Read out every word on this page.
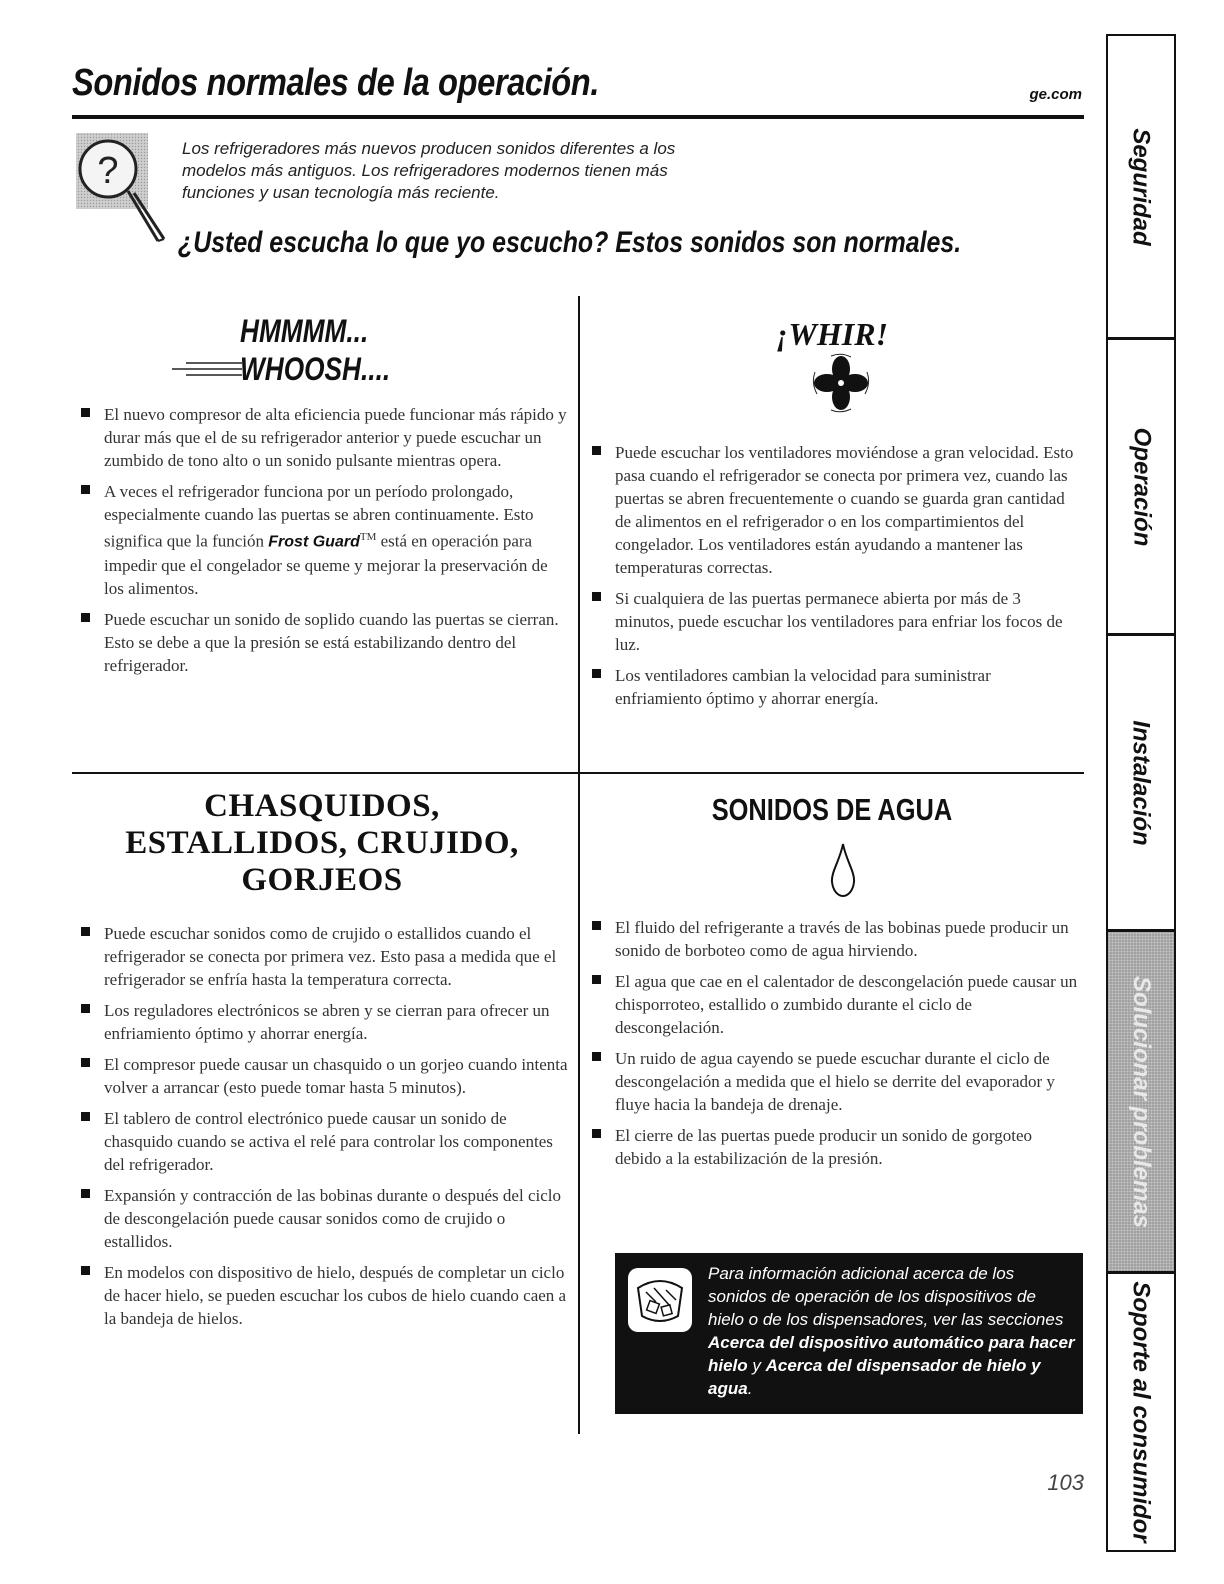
Sonidos normales de la operación.	ge.com
?

Los refrigeradores más nuevos producen sonidos diferentes a los modelos más antiguos. Los refrigeradores modernos tienen más funciones y usan tecnología más reciente.

¿Usted escucha lo que yo escucho? Estos sonidos son normales.
HMMMM...
WHOOSH....
El nuevo compresor de alta eficiencia puede funcionar más rápido y durar más que el de su refrigerador anterior y puede escuchar un zumbido de tono alto o un sonido pulsante mientras opera.
A veces el refrigerador funciona por un período prolongado, especialmente cuando las puertas se abren continuamente. Esto significa que la función Frost Guard™ está en operación para impedir que el congelador se queme y mejorar la preservación de los alimentos.
Puede escuchar un sonido de soplido cuando las puertas se cierran. Esto se debe a que la presión se está estabilizando dentro del refrigerador.
¡WHIR!
Puede escuchar los ventiladores moviéndose a gran velocidad. Esto pasa cuando el refrigerador se conecta por primera vez, cuando las puertas se abren frecuentemente o cuando se guarda gran cantidad de alimentos en el refrigerador o en los compartimientos del congelador. Los ventiladores están ayudando a mantener las temperaturas correctas.
Si cualquiera de las puertas permanece abierta por más de 3 minutos, puede escuchar los ventiladores para enfriar los focos de luz.
Los ventiladores cambian la velocidad para suministrar enfriamiento óptimo y ahorrar energía.
CHASQUIDOS,
ESTALLIDOS, CRUJIDO,
GORJEOS
Puede escuchar sonidos como de crujido o estallidos cuando el refrigerador se conecta por primera vez. Esto pasa a medida que el refrigerador se enfría hasta la temperatura correcta.
Los reguladores electrónicos se abren y se cierran para ofrecer un enfriamiento óptimo y ahorrar energía.
El compresor puede causar un chasquido o un gorjeo cuando intenta volver a arrancar (esto puede tomar hasta 5 minutos).
El tablero de control electrónico puede causar un sonido de chasquido cuando se activa el relé para controlar los componentes del refrigerador.
Expansión y contracción de las bobinas durante o después del ciclo de descongelación puede causar sonidos como de crujido o estallidos.
En modelos con dispositivo de hielo, después de completar un ciclo de hacer hielo, se pueden escuchar los cubos de hielo cuando caen a la bandeja de hielos.
SONIDOS DE AGUA
El fluido del refrigerante a través de las bobinas puede producir un sonido de borboteo como de agua hirviendo.
El agua que cae en el calentador de descongelación puede causar un chisporroteo, estallido o zumbido durante el ciclo de descongelación.
Un ruido de agua cayendo se puede escuchar durante el ciclo de descongelación a medida que el hielo se derrite del evaporador y fluye hacia la bandeja de drenaje.
El cierre de las puertas puede producir un sonido de gorgoteo debido a la estabilización de la presión.

Para información adicional acerca de los sonidos de operación de los dispositivos de hielo o de los dispensadores, ver las secciones Acerca del dispositivo automático para hacer hielo y Acerca del dispensador de hielo y agua.

103
Seguridad
Operación
Instalación
Solucionar problemas
Soporte al consumidor
